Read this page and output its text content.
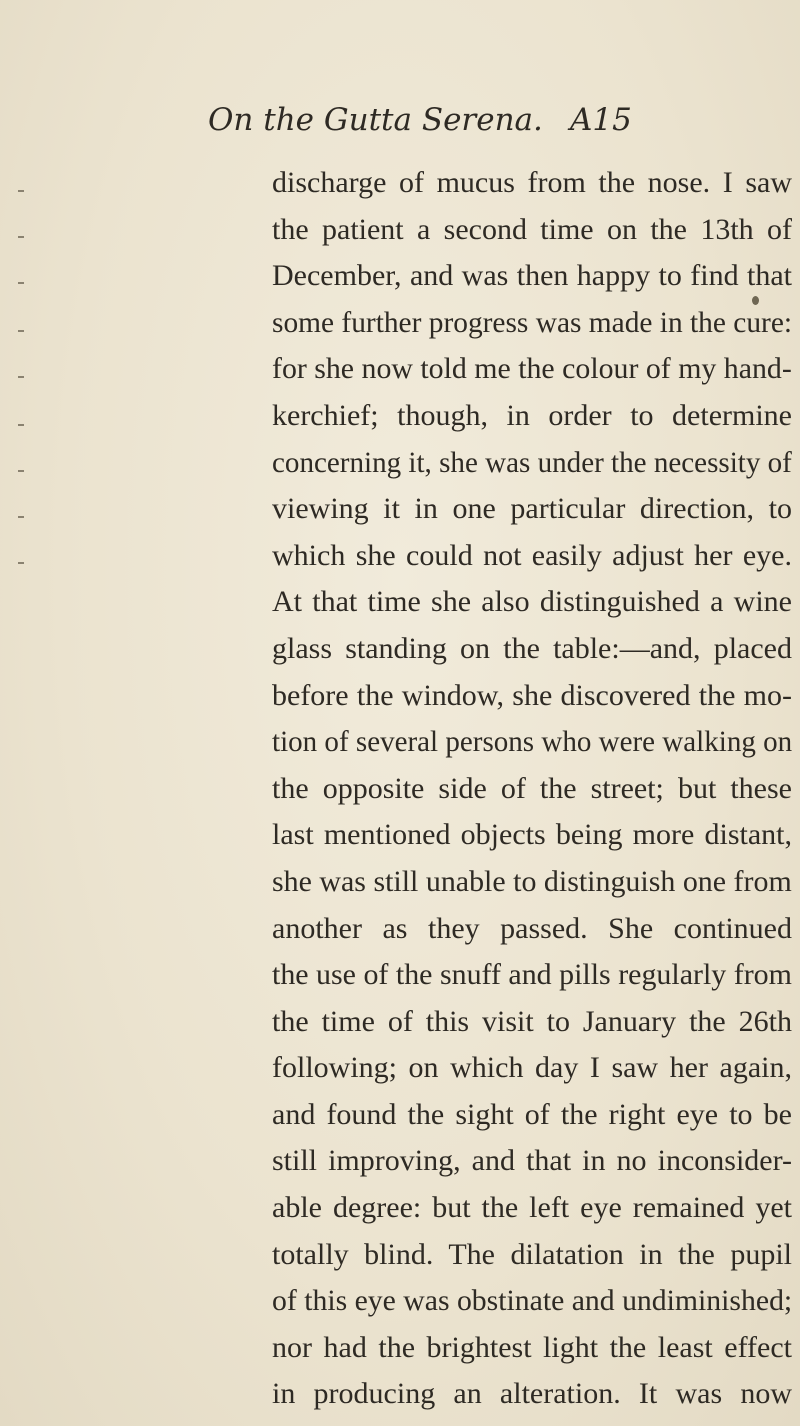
On the Gutta Serena. A15
discharge of mucus from the nose. I saw
the patient a second time on the 13th of
December, and was then happy to find that
some further progress was made in the cure:
for she now told me the colour of my hand-
kerchief; though, in order to determine
concerning it, she was under the necessity of
viewing it in one particular direction, to
which she could not easily adjust her eye.
At that time she also distinguished a wine
glass standing on the table:—and, placed
before the window, she discovered the mo-
tion of several persons who were walking on
the opposite side of the street; but these
last mentioned objects being more distant,
she was still unable to distinguish one from
another as they passed. She continued
the use of the snuff and pills regularly from
the time of this visit to January the 26th
following; on which day I saw her again,
and found the sight of the right eye to be
still improving, and that in no inconsider-
able degree: but the left eye remained yet
totally blind. The dilatation in the pupil
of this eye was obstinate and undiminished;
nor had the brightest light the least effect
in producing an alteration. It was now
